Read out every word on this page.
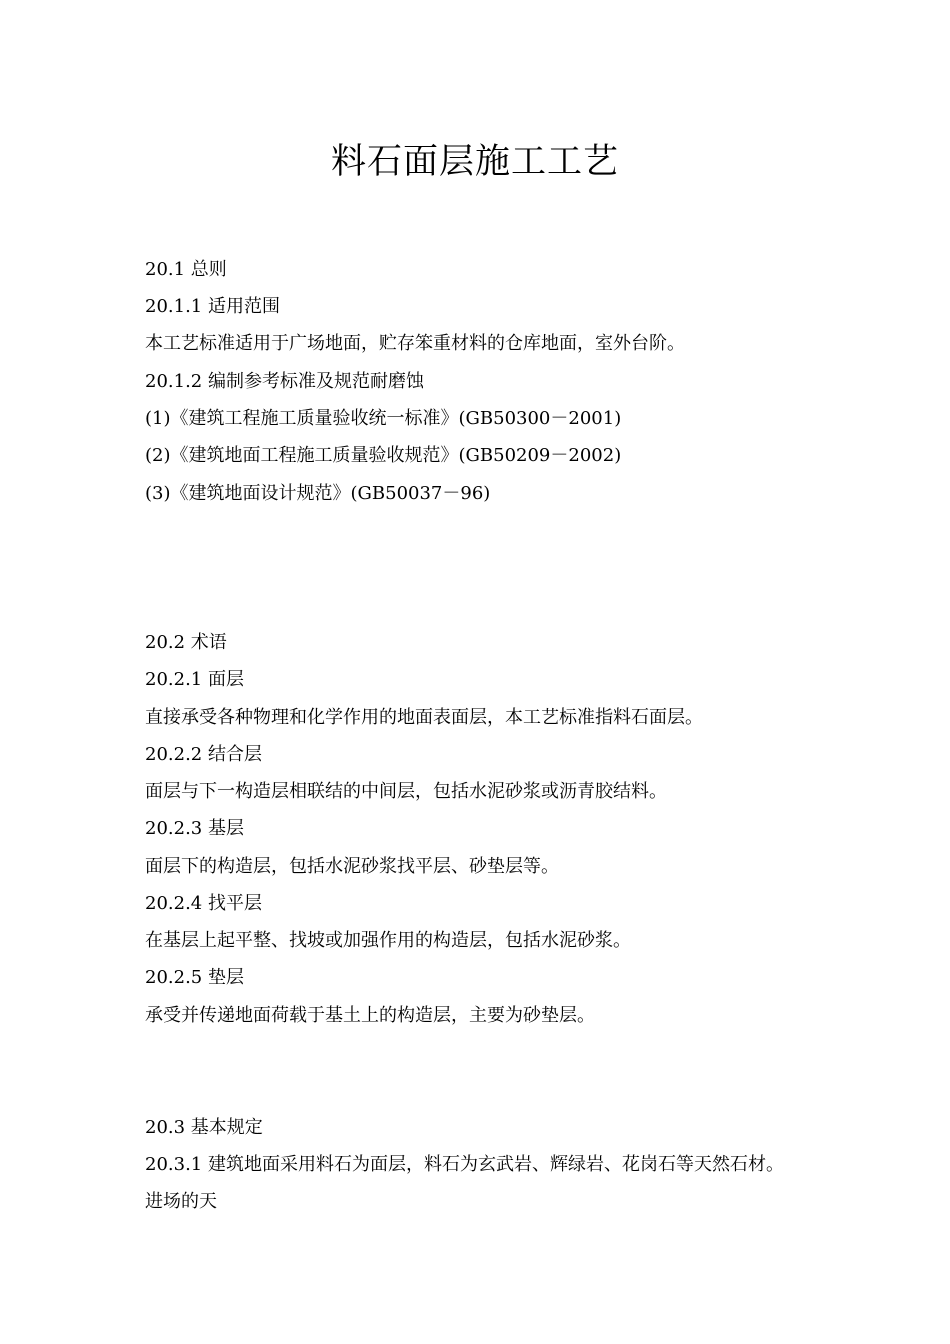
料石面层施工工艺
20.1 总则
20.1.1 适用范围
本工艺标准适用于广场地面，贮存笨重材料的仓库地面，室外台阶。
20.1.2 编制参考标准及规范耐磨蚀
(1)《建筑工程施工质量验收统一标准》(GB50300－2001)
(2)《建筑地面工程施工质量验收规范》(GB50209－2002)
(3)《建筑地面设计规范》(GB50037－96)
20.2 术语
20.2.1 面层
直接承受各种物理和化学作用的地面表面层，本工艺标准指料石面层。
20.2.2 结合层
面层与下一构造层相联结的中间层，包括水泥砂浆或沥青胶结料。
20.2.3 基层
面层下的构造层，包括水泥砂浆找平层、砂垫层等。
20.2.4 找平层
在基层上起平整、找坡或加强作用的构造层，包括水泥砂浆。
20.2.5 垫层
承受并传递地面荷载于基土上的构造层，主要为砂垫层。
20.3 基本规定
20.3.1 建筑地面采用料石为面层，料石为玄武岩、辉绿岩、花岗石等天然石材。
进场的天
